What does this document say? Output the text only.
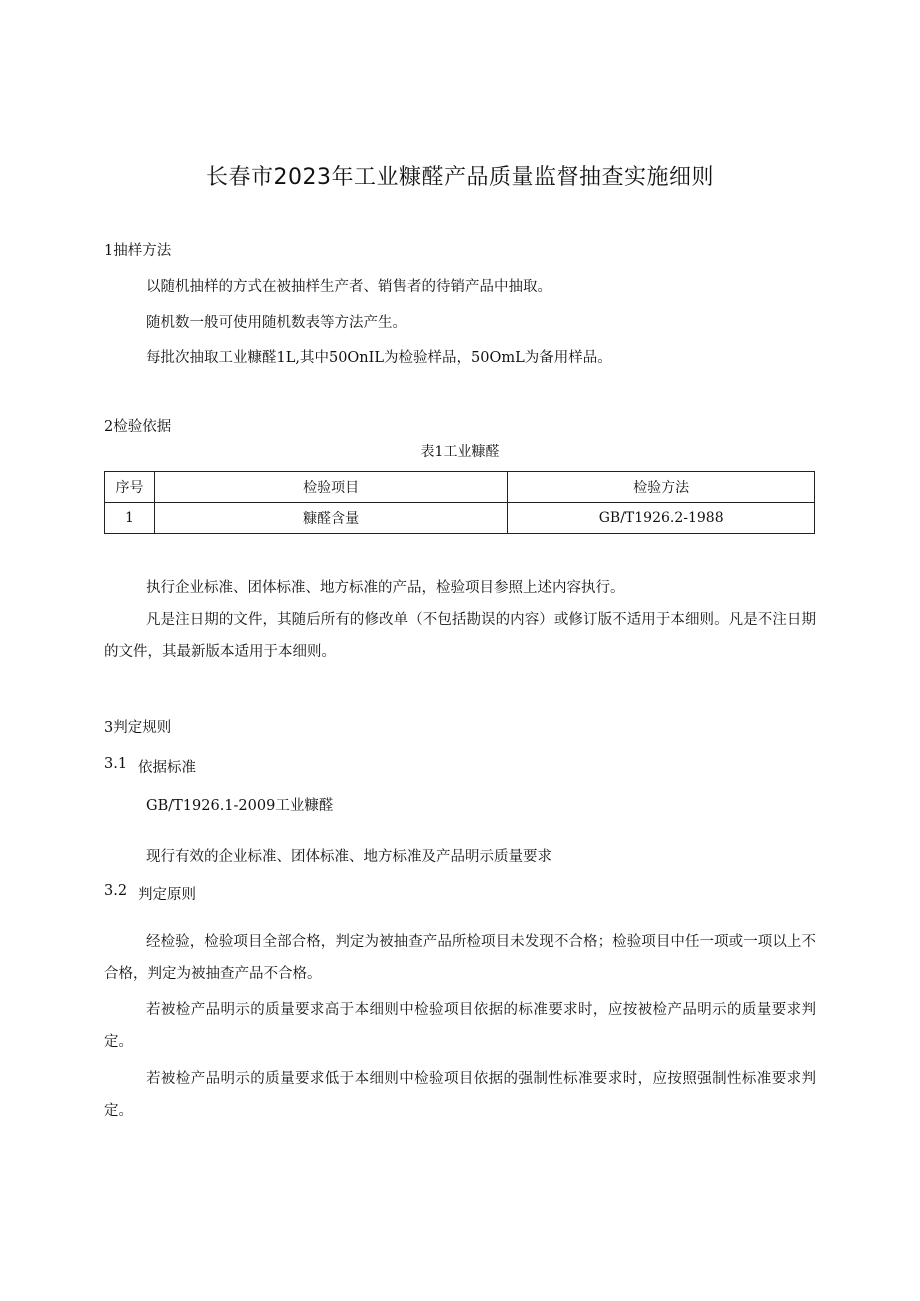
长春市2023年工业糠醛产品质量监督抽查实施细则
1抽样方法
以随机抽样的方式在被抽样生产者、销售者的待销产品中抽取。
随机数一般可使用随机数表等方法产生。
每批次抽取工业糠醛1L,其中50OnIL为检验样品，50OmL为备用样品。
2检验依据
表1工业糠醛
序号	检验项目	检验方法
1	糠醛含量	GB/T1926.2-1988
执行企业标准、团体标准、地方标准的产品，检验项目参照上述内容执行。
凡是注日期的文件，其随后所有的修改单（不包括勘误的内容）或修订版不适用于本细则。凡是不注日期的文件，其最新版本适用于本细则。
3判定规则
3.1 依据标准
GB/T1926.1-2009工业糠醛
现行有效的企业标准、团体标准、地方标准及产品明示质量要求
3.2 判定原则
经检验，检验项目全部合格，判定为被抽查产品所检项目未发现不合格；检验项目中任一项或一项以上不合格，判定为被抽查产品不合格。
若被检产品明示的质量要求高于本细则中检验项目依据的标准要求时，应按被检产品明示的质量要求判定。
若被检产品明示的质量要求低于本细则中检验项目依据的强制性标准要求时，应按照强制性标准要求判定。
